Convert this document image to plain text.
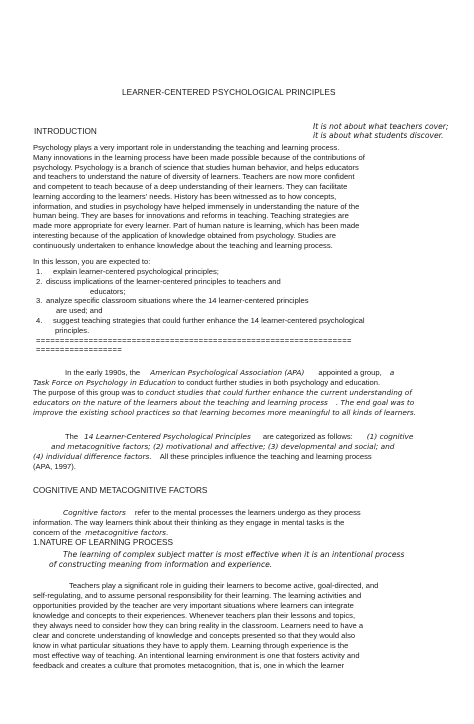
LEARNER-CENTERED PSYCHOLOGICAL PRINCIPLES
INTRODUCTION
It is not about what teachers cover;
it is about what students discover.
Psychology plays a very important role in understanding the teaching and learning process.
Many innovations in the learning process have been made possible because of the contributions of
psychology. Psychology is a branch of science that studies human behavior, and helps educators
and teachers to understand the nature of diversity of learners. Teachers are now more confident
and competent to teach because of a deep understanding of their learners. They can facilitate
learning according to the learners' needs. History has been witnessed as to how concepts,
information, and studies in psychology have helped immensely in understanding the nature of the
human being. They are bases for innovations and reforms in teaching. Teaching strategies are
made more appropriate for every learner. Part of human nature is learning, which has been made
interesting because of the application of knowledge obtained from psychology. Studies are
continuously undertaken to enhance knowledge about the teaching and learning process.
In this lesson, you are expected to:
1. explain learner-centered psychological principles;
2. discuss implications of the learner-centered principles to teachers and
educators;
3. analyze specific classroom situations where the 14 learner-centered principles
are used; and
4. suggest teaching strategies that could further enhance the 14 learner-centered psychological
principles.
==================================================================
==================
In the early 1990s, the American Psychological Association (APA) appointed a group, a
Task Force on Psychology in Education to conduct further studies in both psychology and education.
The purpose of this group was to conduct studies that could further enhance the current understanding of
educators on the nature of the learners about the teaching and learning process . The end goal was to
improve the existing school practices so that learning becomes more meaningful to all kinds of learners.
The 14 Learner-Centered Psychological Principles are categorized as follows: (1) cognitive
and metacognitive factors; (2) motivational and affective; (3) developmental and social; and
(4) individual difference factors. All these principles influence the teaching and learning process
(APA, 1997).
COGNITIVE AND METACOGNITIVE FACTORS
Cognitive factors refer to the mental processes the learners undergo as they process
information. The way learners think about their thinking as they engage in mental tasks is the
concern of the metacognitive factors.
1.NATURE OF LEARNING PROCESS
The learning of complex subject matter is most effective when it is an intentional process
of constructing meaning from information and experience.
Teachers play a significant role in guiding their learners to become active, goal-directed, and
self-regulating, and to assume personal responsibility for their learning. The learning activities and
opportunities provided by the teacher are very important situations where learners can integrate
knowledge and concepts to their experiences. Whenever teachers plan their lessons and topics,
they always need to consider how they can bring reality in the classroom. Learners need to have a
clear and concrete understanding of knowledge and concepts presented so that they would also
know in what particular situations they have to apply them. Learning through experience is the
most effective way of teaching. An intentional learning environment is one that fosters activity and
feedback and creates a culture that promotes metacognition, that is, one in which the learner
